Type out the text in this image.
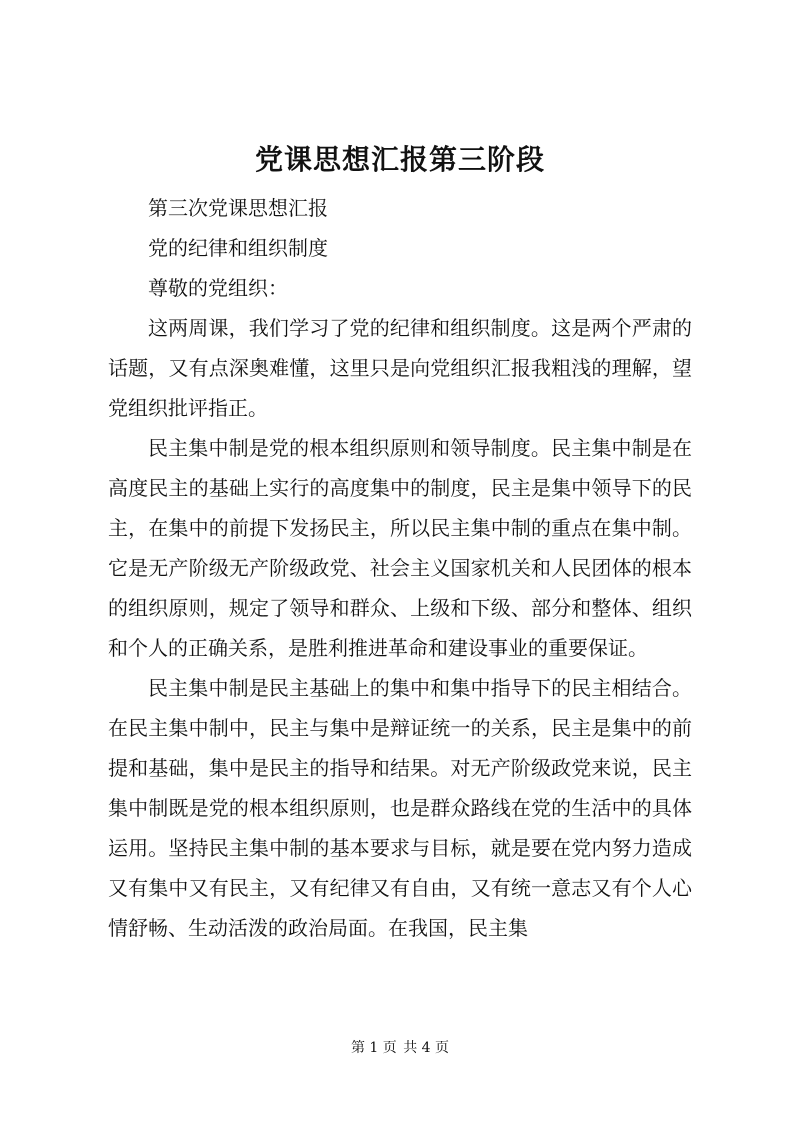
党课思想汇报第三阶段

第三次党课思想汇报

党的纪律和组织制度

尊敬的党组织：

这两周课，我们学习了党的纪律和组织制度。这是两个严肃的话题，又有点深奥难懂，这里只是向党组织汇报我粗浅的理解，望党组织批评指正。

民主集中制是党的根本组织原则和领导制度。民主集中制是在高度民主的基础上实行的高度集中的制度，民主是集中领导下的民主，在集中的前提下发扬民主，所以民主集中制的重点在集中制。它是无产阶级无产阶级政党、社会主义国家机关和人民团体的根本的组织原则，规定了领导和群众、上级和下级、部分和整体、组织和个人的正确关系，是胜利推进革命和建设事业的重要保证。

民主集中制是民主基础上的集中和集中指导下的民主相结合。在民主集中制中，民主与集中是辩证统一的关系，民主是集中的前提和基础，集中是民主的指导和结果。对无产阶级政党来说，民主集中制既是党的根本组织原则，也是群众路线在党的生活中的具体运用。坚持民主集中制的基本要求与目标，就是要在党内努力造成又有集中又有民主，又有纪律又有自由，又有统一意志又有个人心情舒畅、生动活泼的政治局面。在我国，民主集

第 1 页 共 4 页
